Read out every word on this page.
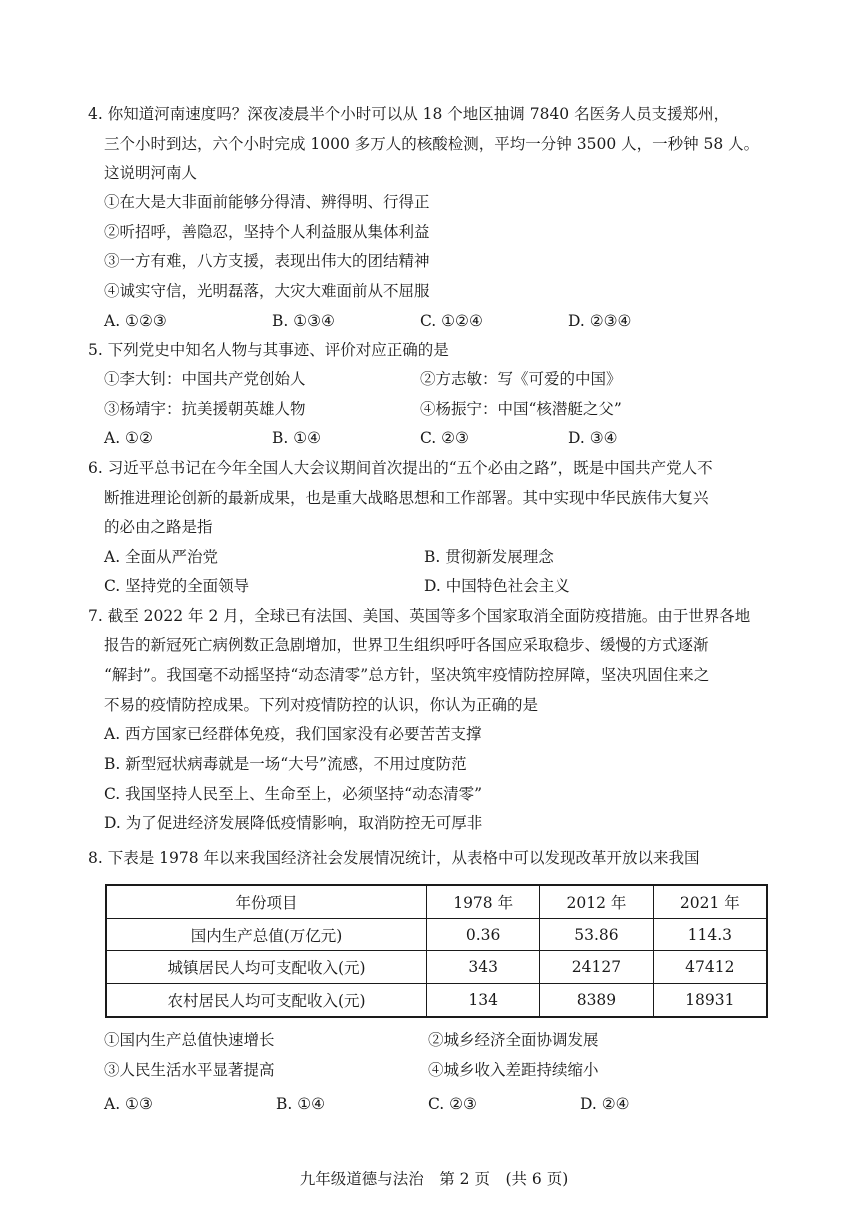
4. 你知道河南速度吗？深夜凌晨半个小时可以从 18 个地区抽调 7840 名医务人员支援郑州，
三个小时到达，六个小时完成 1000 多万人的核酸检测，平均一分钟 3500 人，一秒钟 58 人。
这说明河南人
①在大是大非面前能够分得清、辨得明、行得正
②听招呼，善隐忍，坚持个人利益服从集体利益
③一方有难，八方支援，表现出伟大的团结精神
④诚实守信，光明磊落，大灾大难面前从不屈服
A. ①②③	B. ①③④	C. ①②④	D. ②③④
5. 下列党史中知名人物与其事迹、评价对应正确的是
①李大钊：中国共产党创始人	②方志敏：写《可爱的中国》
③杨靖宇：抗美援朝英雄人物	④杨振宁：中国“核潜艇之父”
A. ①②	B. ①④	C. ②③	D. ③④
6. 习近平总书记在今年全国人大会议期间首次提出的“五个必由之路”，既是中国共产党人不
断推进理论创新的最新成果，也是重大战略思想和工作部署。其中实现中华民族伟大复兴
的必由之路是指
A. 全面从严治党	B. 贯彻新发展理念
C. 坚持党的全面领导	D. 中国特色社会主义
7. 截至 2022 年 2 月，全球已有法国、美国、英国等多个国家取消全面防疫措施。由于世界各地
报告的新冠死亡病例数正急剧增加，世界卫生组织呼吁各国应采取稳步、缓慢的方式逐渐
“解封”。我国毫不动摇坚持“动态清零”总方针，坚决筑牢疫情防控屏障，坚决巩固住来之
不易的疫情防控成果。下列对疫情防控的认识，你认为正确的是
A. 西方国家已经群体免疫，我们国家没有必要苦苦支撑
B. 新型冠状病毒就是一场“大号”流感，不用过度防范
C. 我国坚持人民至上、生命至上，必须坚持“动态清零”
D. 为了促进经济发展降低疫情影响，取消防控无可厚非
8. 下表是 1978 年以来我国经济社会发展情况统计，从表格中可以发现改革开放以来我国
年份项目	1978 年	2012 年	2021 年
国内生产总值(万亿元)	0.36	53.86	114.3
城镇居民人均可支配收入(元)	343	24127	47412
农村居民人均可支配收入(元)	134	8389	18931
①国内生产总值快速增长	②城乡经济全面协调发展
③人民生活水平显著提高	④城乡收入差距持续缩小
A. ①③	B. ①④	C. ②③	D. ②④
九年级道德与法治　第 2 页　(共 6 页)
